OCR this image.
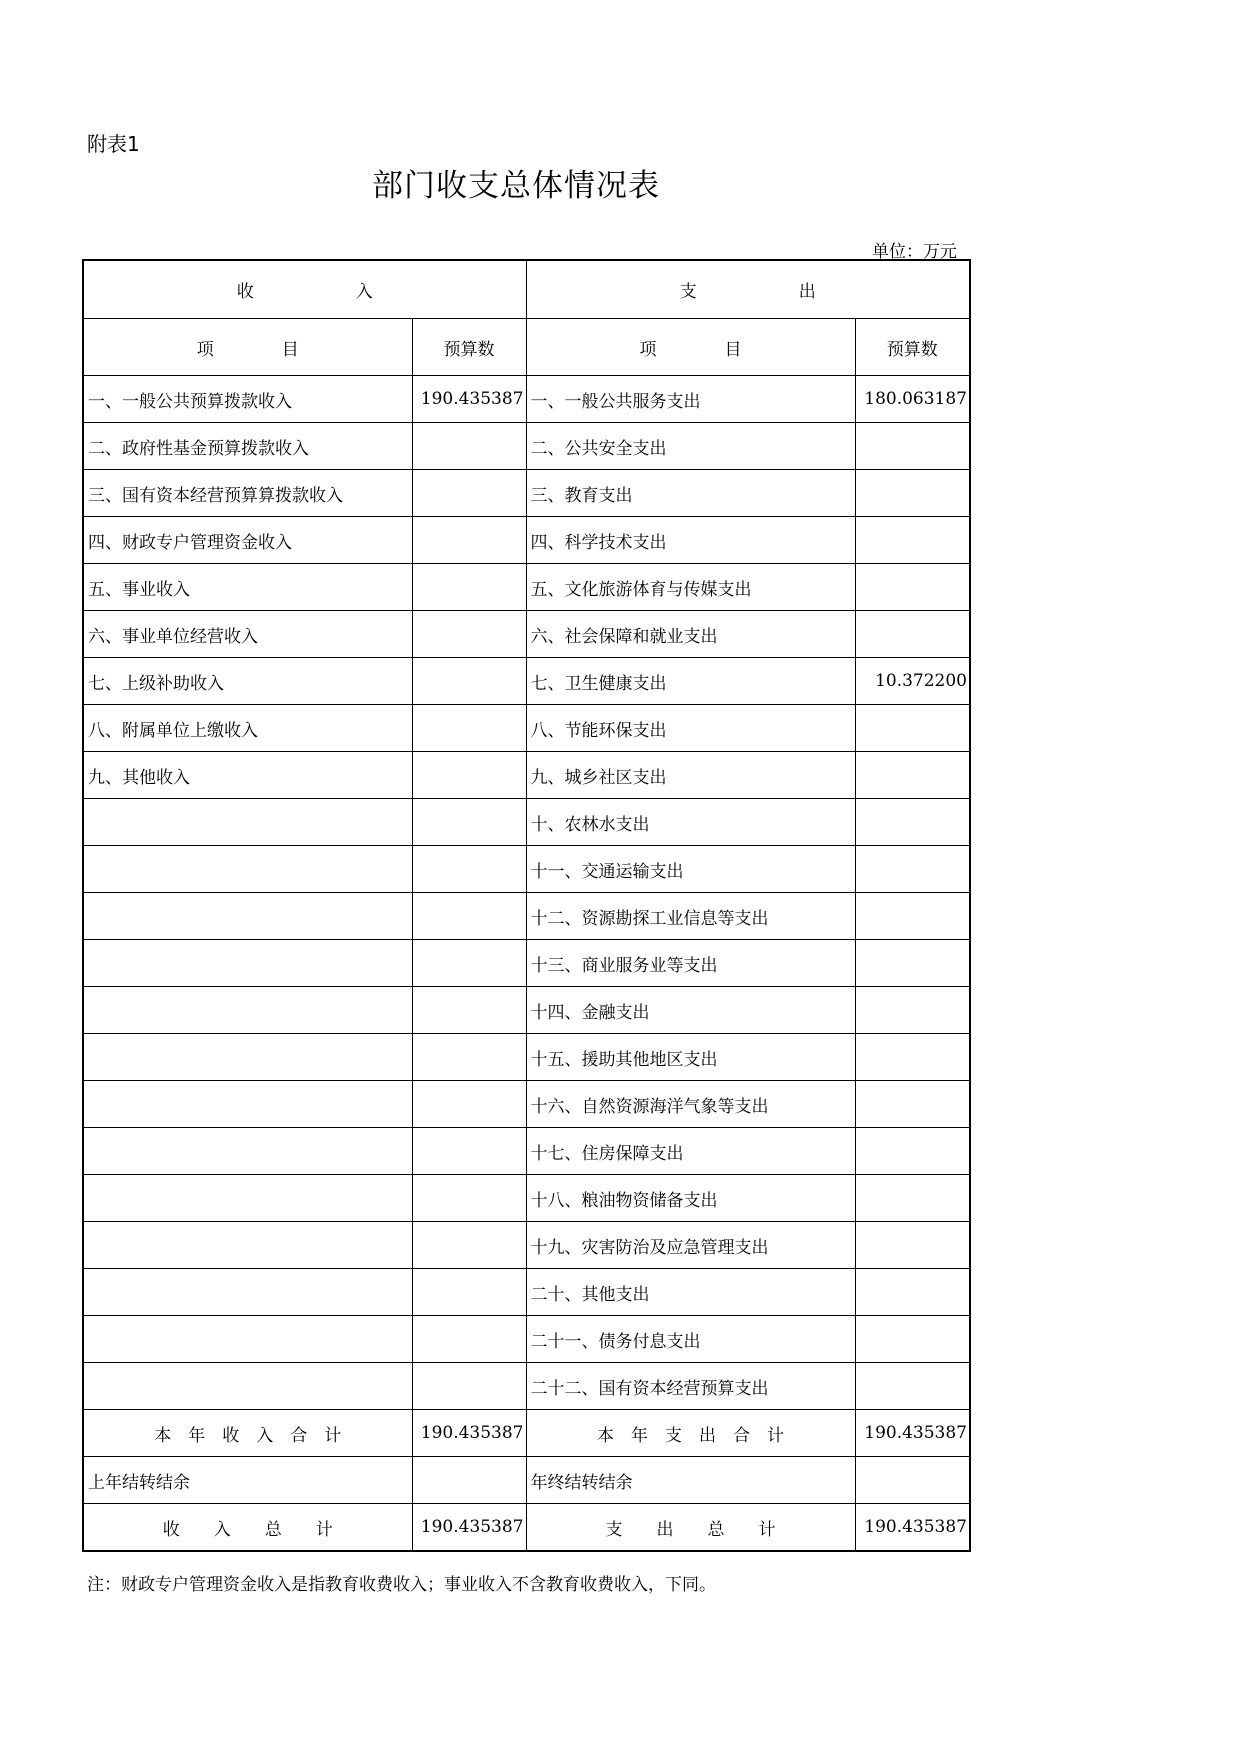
附表1
部门收支总体情况表
单位：万元
收　　　　　　入		支　　　　　　出	
项　　　　目	预算数	项　　　　目	预算数
一、一般公共预算拨款收入	190.435387	一、一般公共服务支出	180.063187
二、政府性基金预算拨款收入		二、公共安全支出	
三、国有资本经营预算算拨款收入		三、教育支出	
四、财政专户管理资金收入		四、科学技术支出	
五、事业收入		五、文化旅游体育与传媒支出	
六、事业单位经营收入		六、社会保障和就业支出	
七、上级补助收入		七、卫生健康支出	10.372200
八、附属单位上缴收入		八、节能环保支出	
九、其他收入		九、城乡社区支出	
		十、农林水支出	
		十一、交通运输支出	
		十二、资源勘探工业信息等支出	
		十三、商业服务业等支出	
		十四、金融支出	
		十五、援助其他地区支出	
		十六、自然资源海洋气象等支出	
		十七、住房保障支出	
		十八、粮油物资储备支出	
		十九、灾害防治及应急管理支出	
		二十、其他支出	
		二十一、债务付息支出	
		二十二、国有资本经营预算支出	
本　年　收　入　合　计	190.435387	本　年　支　出　合　计	190.435387
上年结转结余		年终结转结余	
收　　入　　总　　计	190.435387	支　　出　　总　　计	190.435387
注：财政专户管理资金收入是指教育收费收入；事业收入不含教育收费收入，下同。
